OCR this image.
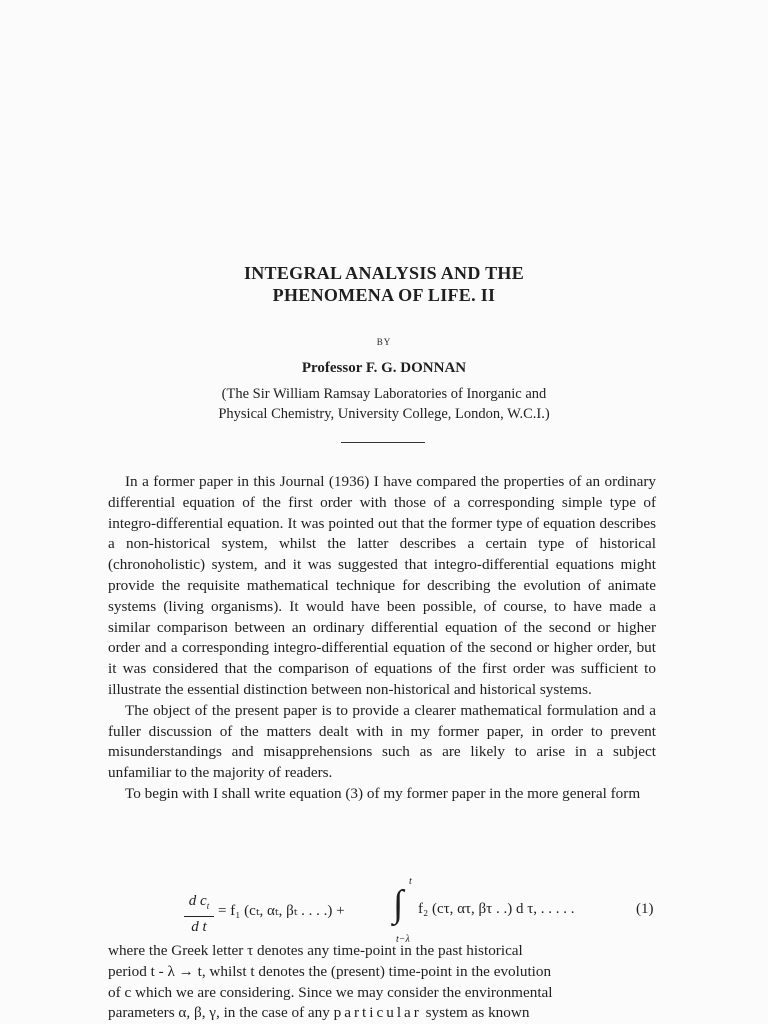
INTEGRAL ANALYSIS AND THE
PHENOMENA OF LIFE. II
BY
Professor F. G. DONNAN
(The Sir William Ramsay Laboratories of Inorganic and
Physical Chemistry, University College, London, W.C.I.)

In a former paper in this Journal (1936) I have compared the properties of an ordinary differential equation of the first order with those of a corresponding simple type of integro-differential equation. It was pointed out that the former type of equation describes a non-historical system, whilst the latter describes a certain type of historical (chronoholistic) system, and it was suggested that integro-differential equations might provide the requisite mathematical technique for describing the evolution of animate systems (living organisms). It would have been possible, of course, to have made a similar comparison between an ordinary differential equation of the second or higher order and a corresponding integro-differential equation of the second or higher order, but it was considered that the comparison of equations of the first order was sufficient to illustrate the essential distinction between non-historical and historical systems.

The object of the present paper is to provide a clearer mathematical formulation and a fuller discussion of the matters dealt with in my former paper, in order to prevent misunderstandings and misapprehensions such as are likely to arise in a subject unfamiliar to the majority of readers.

To begin with I shall write equation (3) of my former paper in the more general form

d $c_t$
d t
= f₁ (cₜ, αₜ, βₜ . . . .) +
t
∫
t−λ
f₂ (cτ, ατ, βτ . .) d τ, . . . . .	(1)

where the Greek letter τ denotes any time-point in the past historical

period t - λ → t, whilst t denotes the (present) time-point in the evolution

of c which we are considering. Since we may consider the environmental

parameters α, β, γ, in the case of any particular system as known
